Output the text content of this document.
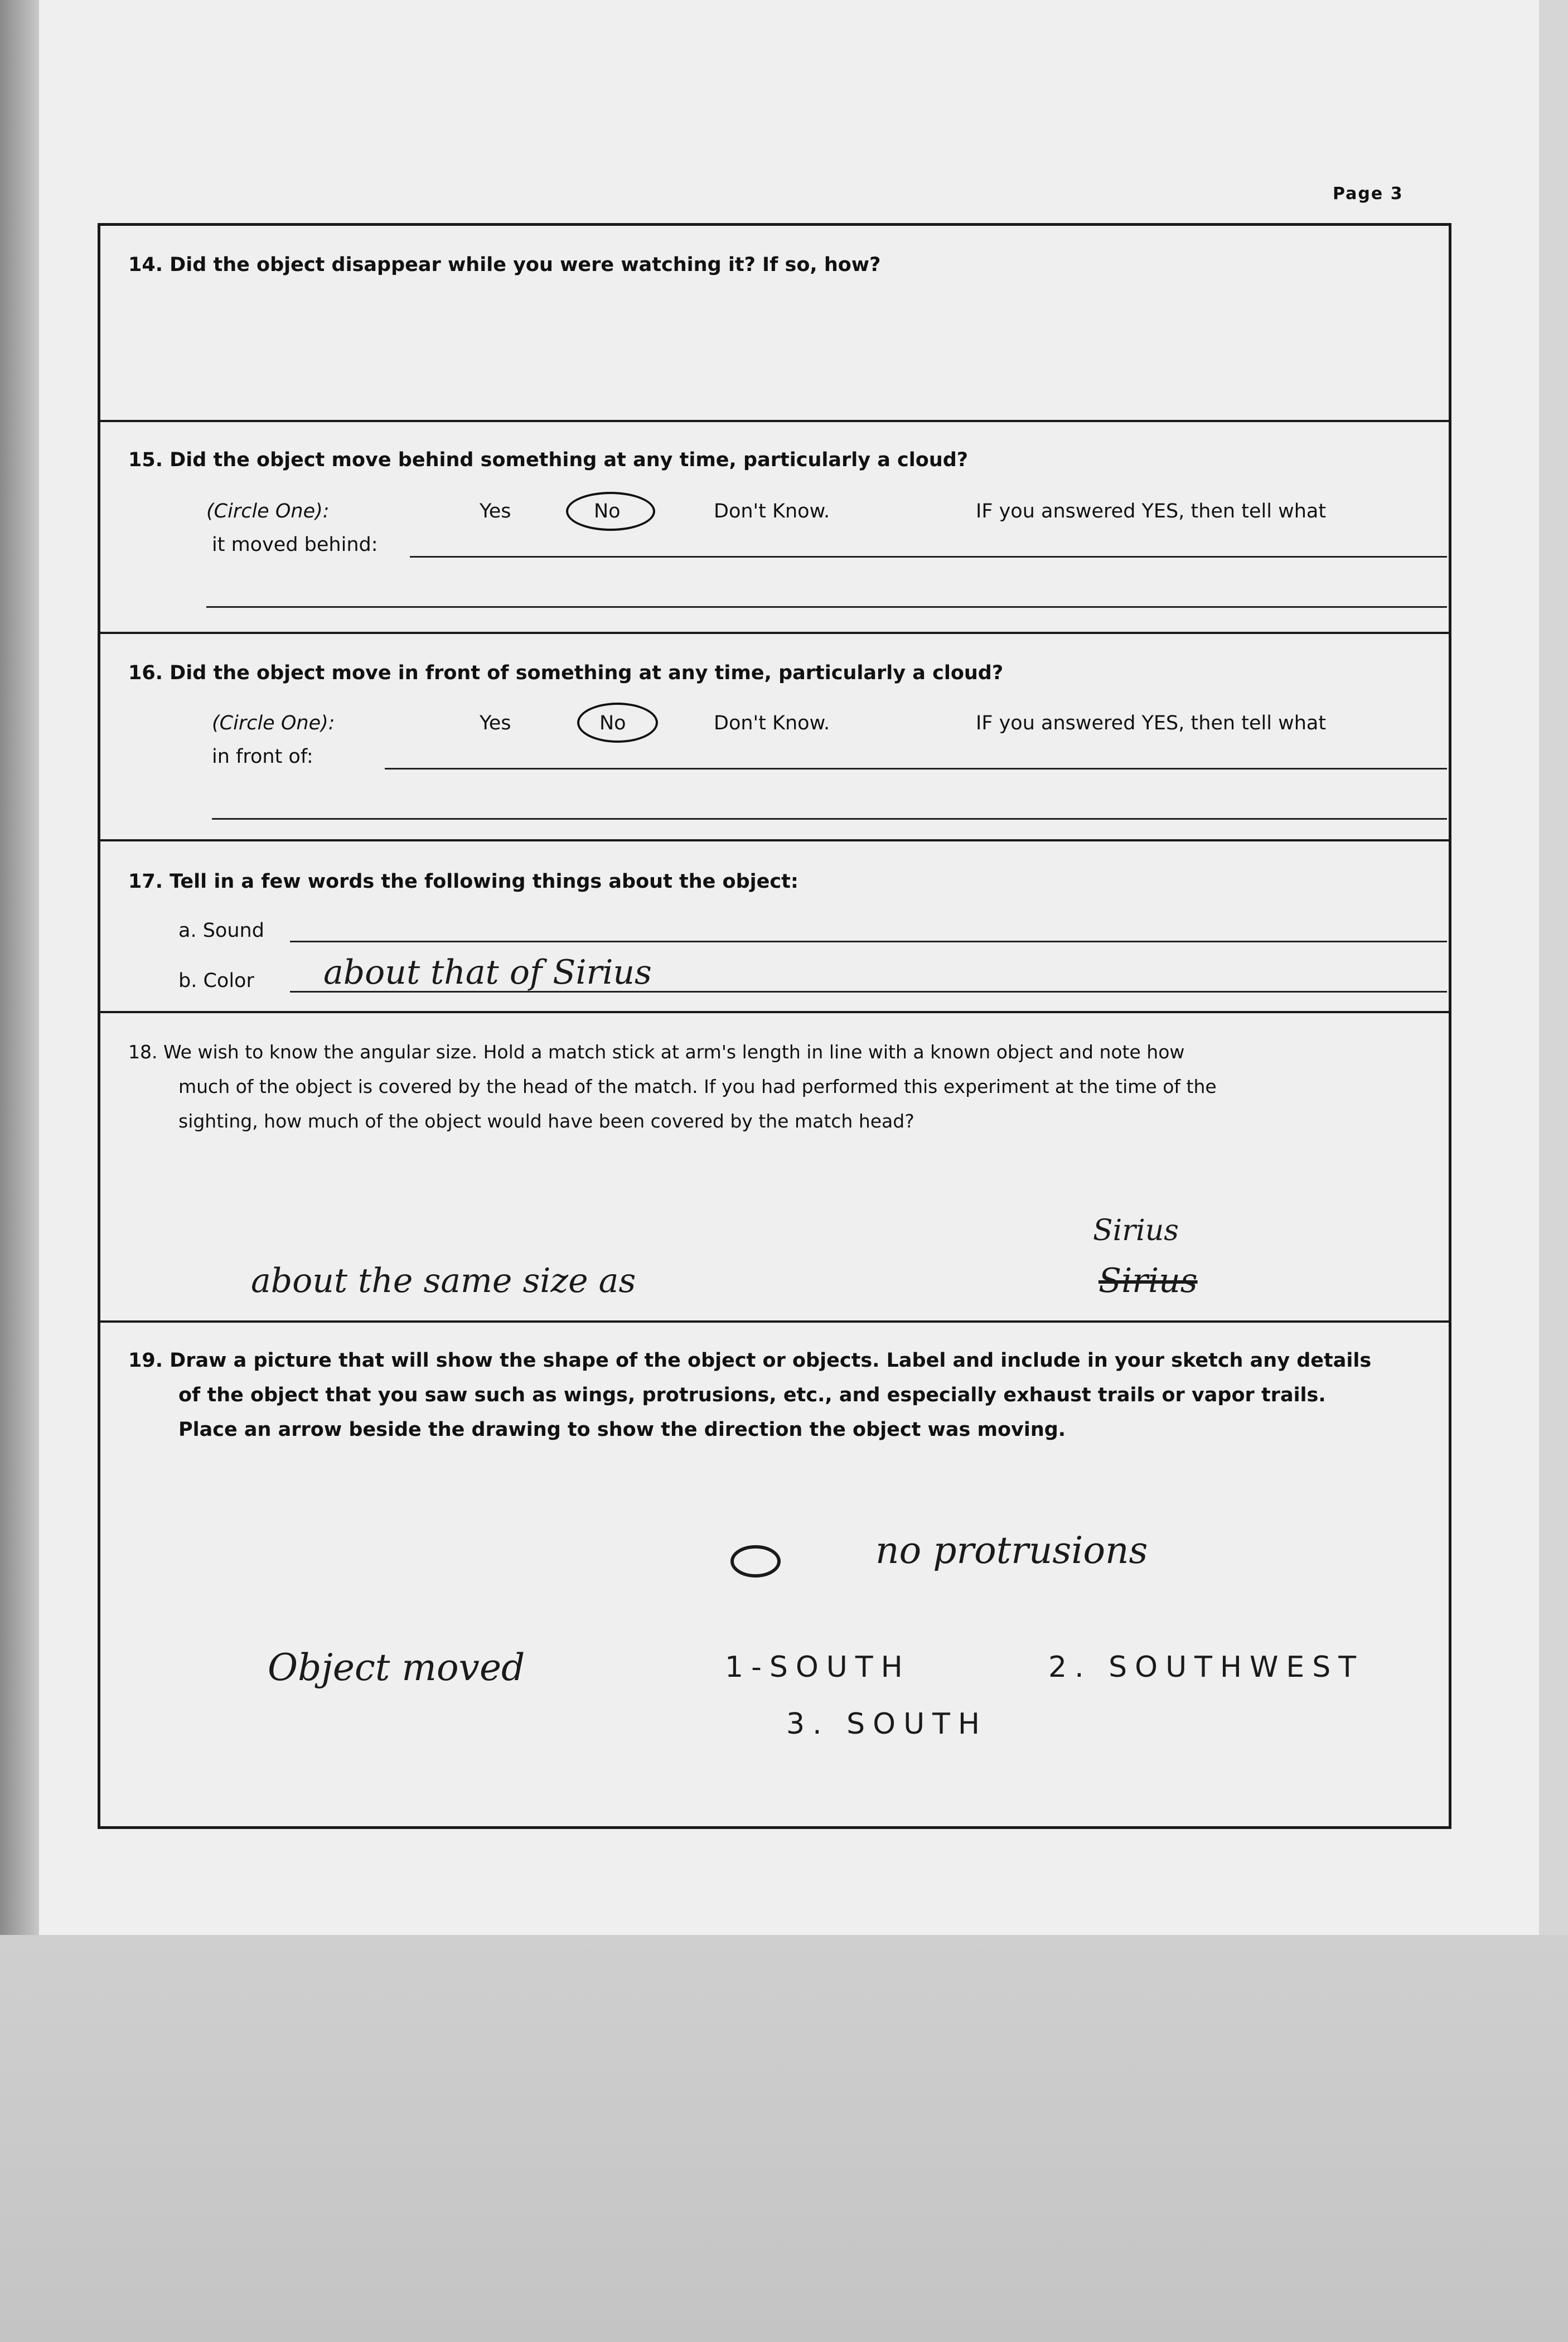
Page 3
14. Did the object disappear while you were watching it? If so, how?
15. Did the object move behind something at any time, particularly a cloud?
(Circle One):	Yes	No	Don't Know.	IF you answered YES, then tell what
it moved behind:
16. Did the object move in front of something at any time, particularly a cloud?
(Circle One):	Yes	No	Don't Know.	IF you answered YES, then tell what
in front of:
17. Tell in a few words the following things about the object:
a. Sound
b. Color about that of Sirius
18. We wish to know the angular size. Hold a match stick at arm's length in line with a known object and note how
much of the object is covered by the head of the match. If you had performed this experiment at the time of the
sighting, how much of the object would have been covered by the match head?
Sirius
about the same size as	Sirius
19. Draw a picture that will show the shape of the object or objects. Label and include in your sketch any details
of the object that you saw such as wings, protrusions, etc., and especially exhaust trails or vapor trails.
Place an arrow beside the drawing to show the direction the object was moving.
no protrusions
Object moved	1-SOUTH	2. SOUTHWEST
3. SOUTH
